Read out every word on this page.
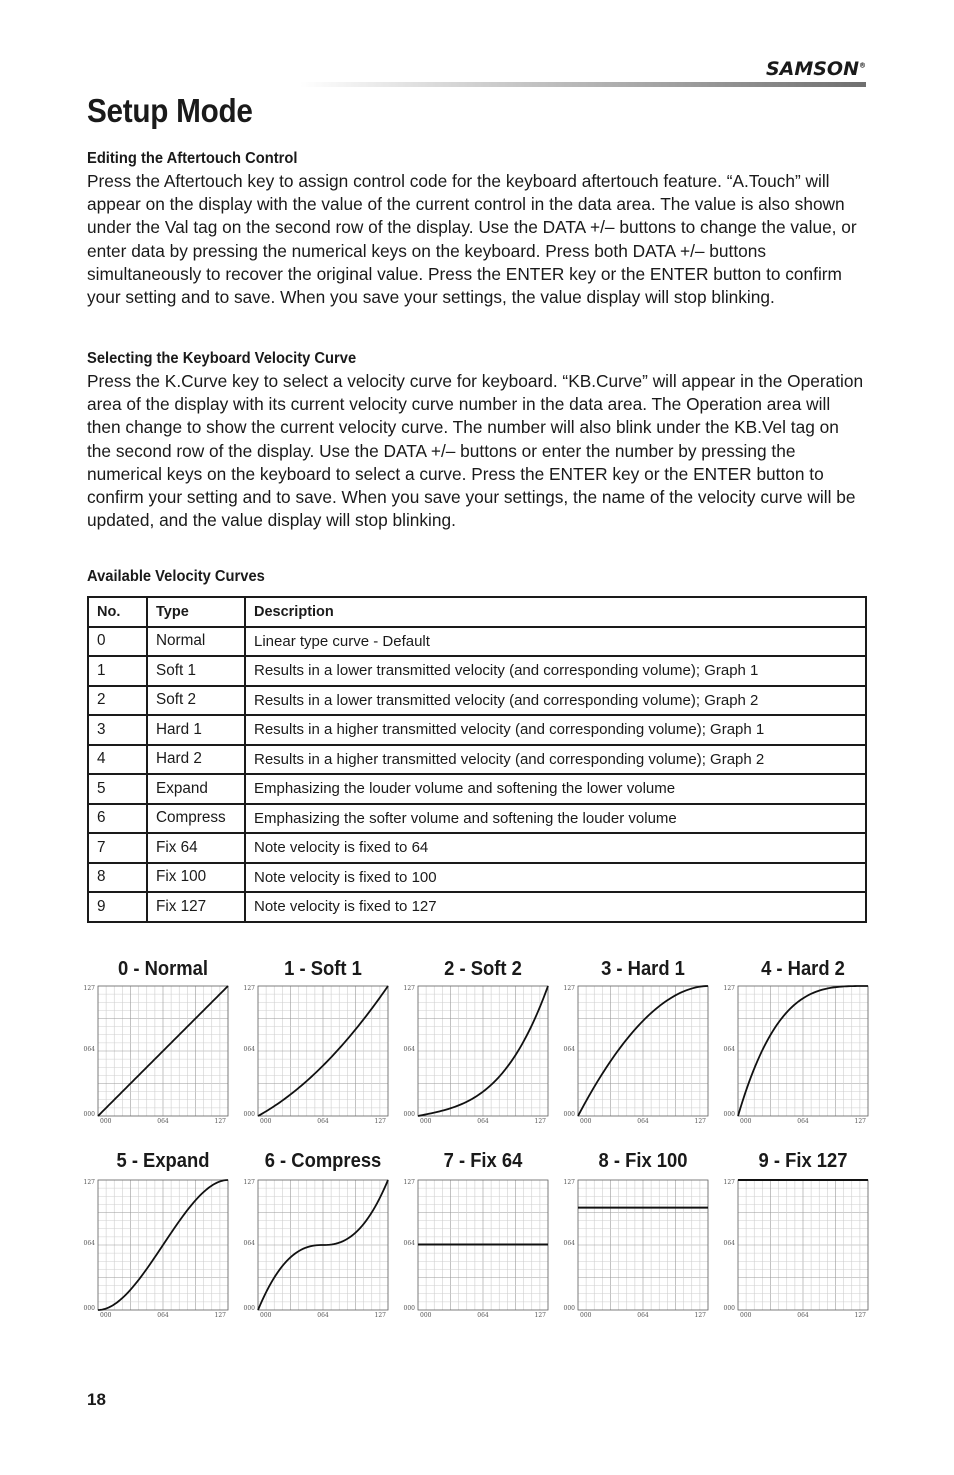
SAMSON®
Setup Mode
Editing the Aftertouch Control

Press the Aftertouch key to assign control code for the keyboard aftertouch feature. “A.Touch” will appear on the display with the value of the current control in the data area. The value is also shown under the Val tag on the second row of the display. Use the DATA +/– buttons to change the value, or enter data by pressing the numerical keys on the keyboard. Press both DATA +/– buttons simultaneously to recover the original value. Press the ENTER key or the ENTER button to confirm your setting and to save. When you save your settings, the value display will stop blinking.

Selecting the Keyboard Velocity Curve

Press the K.Curve key to select a velocity curve for keyboard. “KB.Curve” will appear in the Operation area of the display with its current velocity curve number in the data area. The Operation area will then change to show the current velocity curve. The number will also blink under the KB.Vel tag on the second row of the display. Use the DATA +/– buttons or enter the number by pressing the numerical keys on the keyboard to select a curve. Press the ENTER key or the ENTER button to confirm your setting and to save. When you save your settings, the name of the velocity curve will be updated, and the value display will stop blinking.

Available Velocity Curves
No.	Type	Description
0	Normal	Linear type curve - Default
1	Soft 1	Results in a lower transmitted velocity (and corresponding volume); Graph 1
2	Soft 2	Results in a lower transmitted velocity (and corresponding volume); Graph 2
3	Hard 1	Results in a higher transmitted velocity (and corresponding volume); Graph 1
4	Hard 2	Results in a higher transmitted velocity (and corresponding volume); Graph 2
5	Expand	Emphasizing the louder volume and softening the lower volume
6	Compress	Emphasizing the softer volume and softening the louder volume
7	Fix 64	Note velocity is fixed to 64
8	Fix 100	Note velocity is fixed to 100
9	Fix 127	Note velocity is fixed to 127
0 - Normal
000	064	127
000
064
127
1 - Soft 1
000	064	127
000
064
127
2 - Soft 2
000	064	127
000
064
127
3 - Hard 1
000	064	127
000
064
127
4 - Hard 2
000	064	127
000
064
127
5 - Expand
000	064	127
000
064
127
6 - Compress
000	064	127
000
064
127
7 - Fix 64
000	064	127
000
064
127
8 - Fix 100
000	064	127
000
064
127
9 - Fix 127
000	064	127
000
064
127
18
